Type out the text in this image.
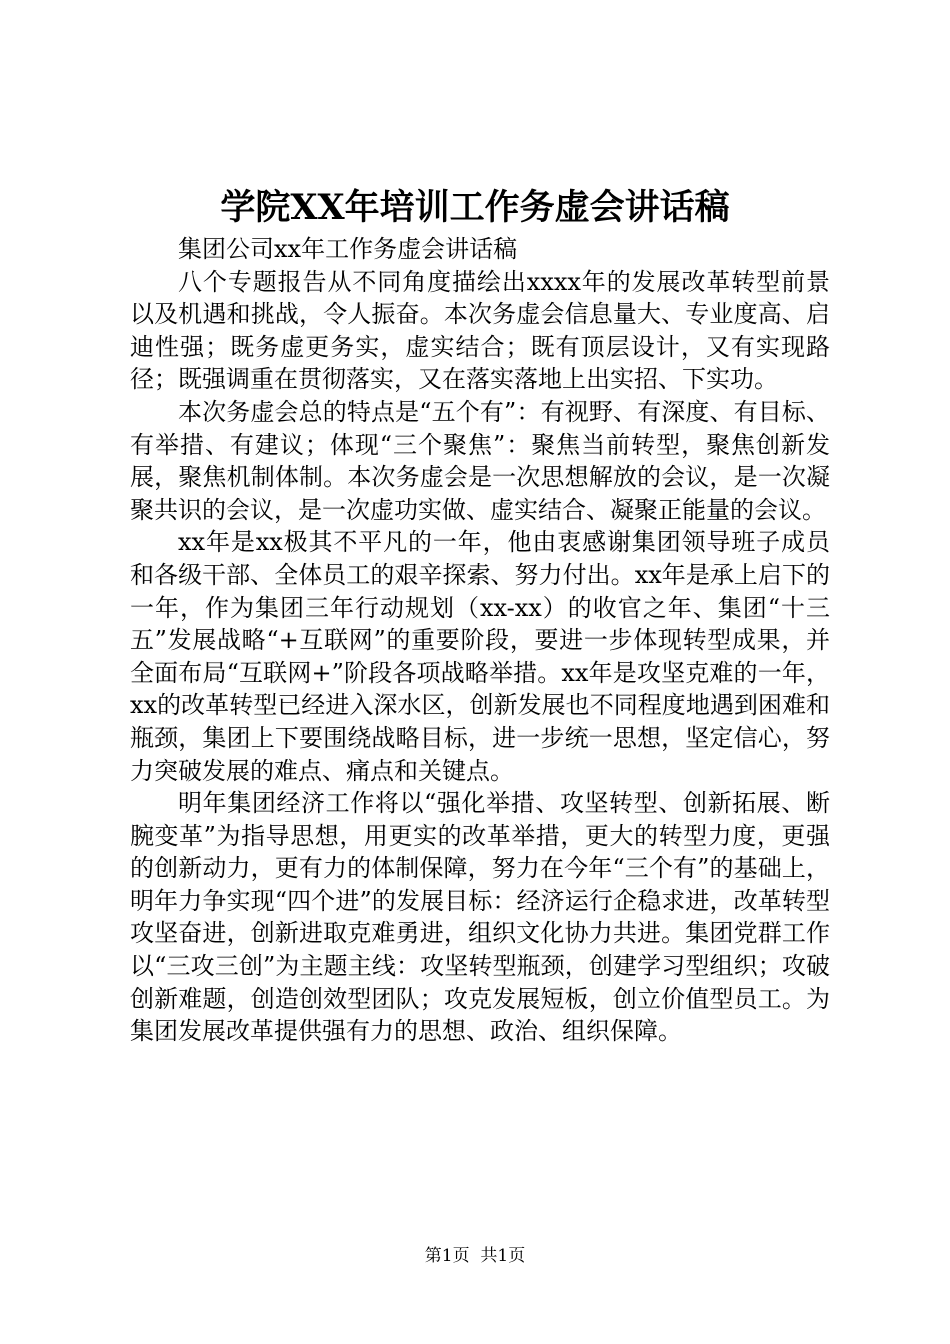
学院XX年培训工作务虚会讲话稿

集团公司xx年工作务虚会讲话稿

八个专题报告从不同角度描绘出xxxx年的发展改革转型前景以及机遇和挑战，令人振奋。本次务虚会信息量大、专业度高、启迪性强；既务虚更务实，虚实结合；既有顶层设计，又有实现路径；既强调重在贯彻落实，又在落实落地上出实招、下实功。

本次务虚会总的特点是“五个有”：有视野、有深度、有目标、有举措、有建议；体现“三个聚焦”：聚焦当前转型，聚焦创新发展，聚焦机制体制。本次务虚会是一次思想解放的会议，是一次凝聚共识的会议，是一次虚功实做、虚实结合、凝聚正能量的会议。

xx年是xx极其不平凡的一年，他由衷感谢集团领导班子成员和各级干部、全体员工的艰辛探索、努力付出。xx年是承上启下的一年，作为集团三年行动规划（xx-xx）的收官之年、集团“十三五”发展战略“+互联网”的重要阶段，要进一步体现转型成果，并全面布局“互联网+”阶段各项战略举措。xx年是攻坚克难的一年，xx的改革转型已经进入深水区，创新发展也不同程度地遇到困难和瓶颈，集团上下要围绕战略目标，进一步统一思想，坚定信心，努力突破发展的难点、痛点和关键点。

明年集团经济工作将以“强化举措、攻坚转型、创新拓展、断腕变革”为指导思想，用更实的改革举措，更大的转型力度，更强的创新动力，更有力的体制保障，努力在今年“三个有”的基础上，明年力争实现“四个进”的发展目标：经济运行企稳求进，改革转型攻坚奋进，创新进取克难勇进，组织文化协力共进。集团党群工作以“三攻三创”为主题主线：攻坚转型瓶颈，创建学习型组织；攻破创新难题，创造创效型团队；攻克发展短板，创立价值型员工。为集团发展改革提供强有力的思想、政治、组织保障。

第1页  共1页
